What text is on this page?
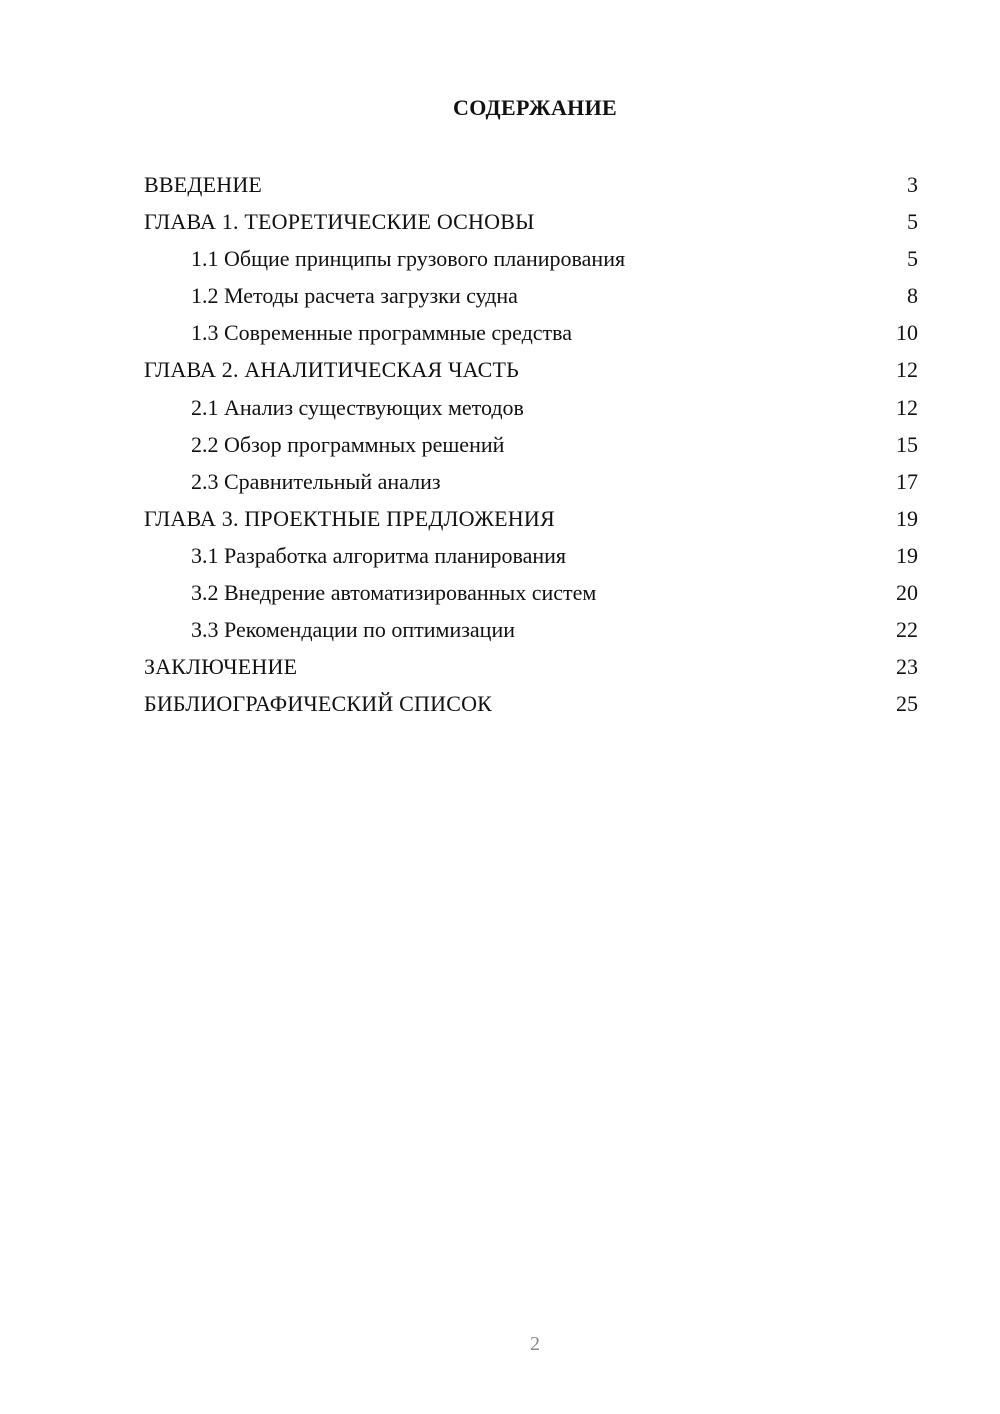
СОДЕРЖАНИЕ
ВВЕДЕНИЕ	3
ГЛАВА 1. ТЕОРЕТИЧЕСКИЕ ОСНОВЫ	5
1.1 Общие принципы грузового планирования	5
1.2 Методы расчета загрузки судна	8
1.3 Современные программные средства	10
ГЛАВА 2. АНАЛИТИЧЕСКАЯ ЧАСТЬ	12
2.1 Анализ существующих методов	12
2.2 Обзор программных решений	15
2.3 Сравнительный анализ	17
ГЛАВА 3. ПРОЕКТНЫЕ ПРЕДЛОЖЕНИЯ	19
3.1 Разработка алгоритма планирования	19
3.2 Внедрение автоматизированных систем	20
3.3 Рекомендации по оптимизации	22
ЗАКЛЮЧЕНИЕ	23
БИБЛИОГРАФИЧЕСКИЙ СПИСОК	25
2
